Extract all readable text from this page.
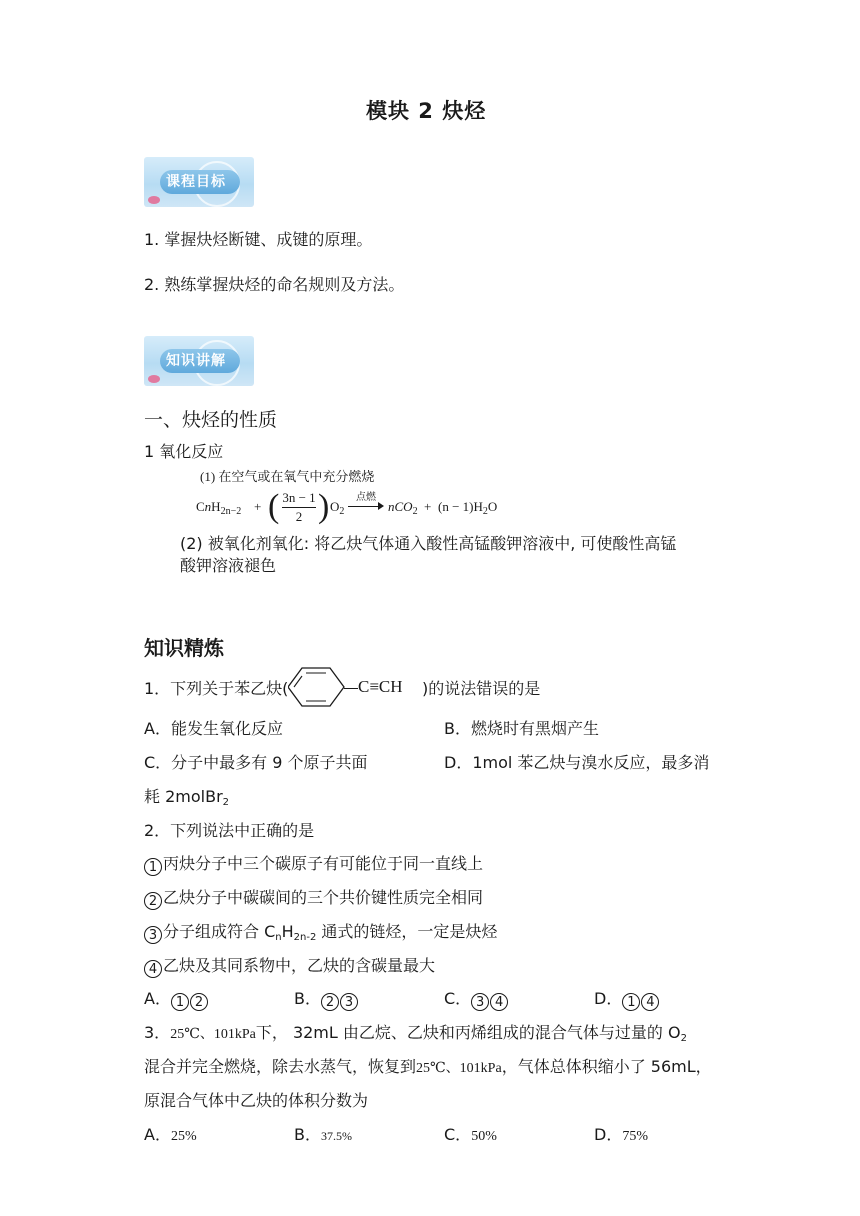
模块 2 炔烃
课程目标
1. 掌握炔烃断键、成键的原理。
2. 熟练掌握炔烃的命名规则及方法。
知识讲解
一、炔烃的性质
1 氧化反应
(1) 在空气或在氧气中充分燃烧
CnH$_{2n-2}$ + ( 3n − 1
2 ) $O_2$
点燃
$nCO_2 + (n - 1)H_2O$
(2) 被氧化剂氧化: 将乙炔气体通入酸性高锰酸钾溶液中, 可使酸性高锰
酸钾溶液褪色
知识精炼
1．下列关于苯乙炔(	C≡CH )的说法错误的是
A．能发生氧化反应	B．燃烧时有黑烟产生
C．分子中最多有 9 个原子共面	D．1mol 苯乙炔与溴水反应，最多消
耗 2molBr$_2$
2．下列说法中正确的是
1 丙炔分子中三个碳原子有可能位于同一直线上
2 乙炔分子中碳碳间的三个共价键性质完全相同
3 分子组成符合 $C_nH_{2n-2}$ 通式的链烃，一定是炔烃
4 乙炔及其同系物中，乙炔的含碳量最大
A． 1 2	B． 2 3	C． 3 4	D． 1 4
3．25℃、101kPa下， 32mL 由乙烷、乙炔和丙烯组成的混合气体与过量的 $O_2$
混合并完全燃烧，除去水蒸气，恢复到25℃、101kPa，气体总体积缩小了 56mL，
原混合气体中乙炔的体积分数为
A．25%	B．37.5%	C．50%	D．75%
